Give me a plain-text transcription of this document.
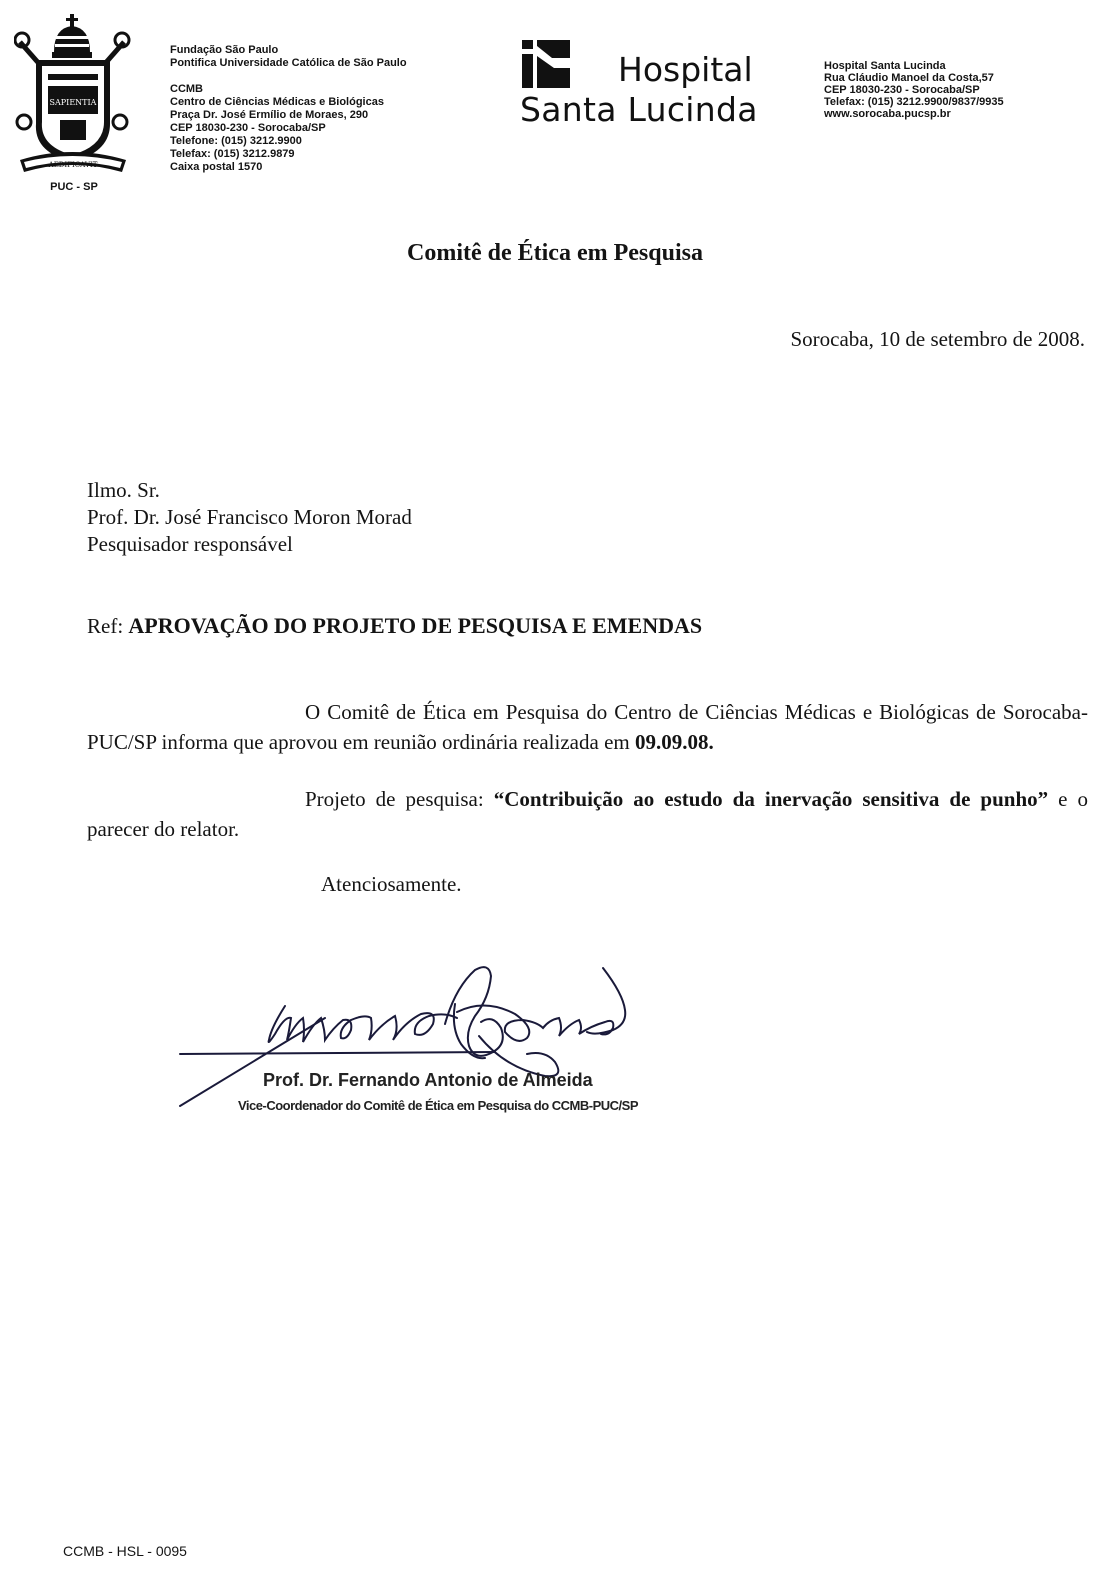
SAPIENTIA
AEDIFICAVIT
PUC - SP
Fundação São Paulo
Pontifica Universidade Católica de São Paulo
CCMB
Centro de Ciências Médicas e Biológicas
Praça Dr. José Ermílio de Moraes, 290
CEP 18030-230 - Sorocaba/SP
Telefone: (015) 3212.9900
Telefax: (015) 3212.9879
Caixa postal 1570
Hospital
Santa Lucinda
Hospital Santa Lucinda
Rua Cláudio Manoel da Costa,57
CEP 18030-230 - Sorocaba/SP
Telefax: (015) 3212.9900/9837/9935
www.sorocaba.pucsp.br
Comitê de Ética em Pesquisa
Sorocaba, 10 de setembro de 2008.
Ilmo. Sr.
Prof. Dr. José Francisco Moron Morad
Pesquisador responsável
Ref: APROVAÇÃO DO PROJETO DE PESQUISA E EMENDAS
O Comitê de Ética em Pesquisa do Centro de Ciências Médicas e Biológicas de Sorocaba-PUC/SP informa que aprovou em reunião ordinária realizada em 09.09.08.
Projeto de pesquisa: “Contribuição ao estudo da inervação sensitiva de punho” e o parecer do relator.
Atenciosamente.
Prof. Dr. Fernando Antonio de Almeida
Vice-Coordenador do Comitê de Ética em Pesquisa do CCMB-PUC/SP
CCMB - HSL - 0095
